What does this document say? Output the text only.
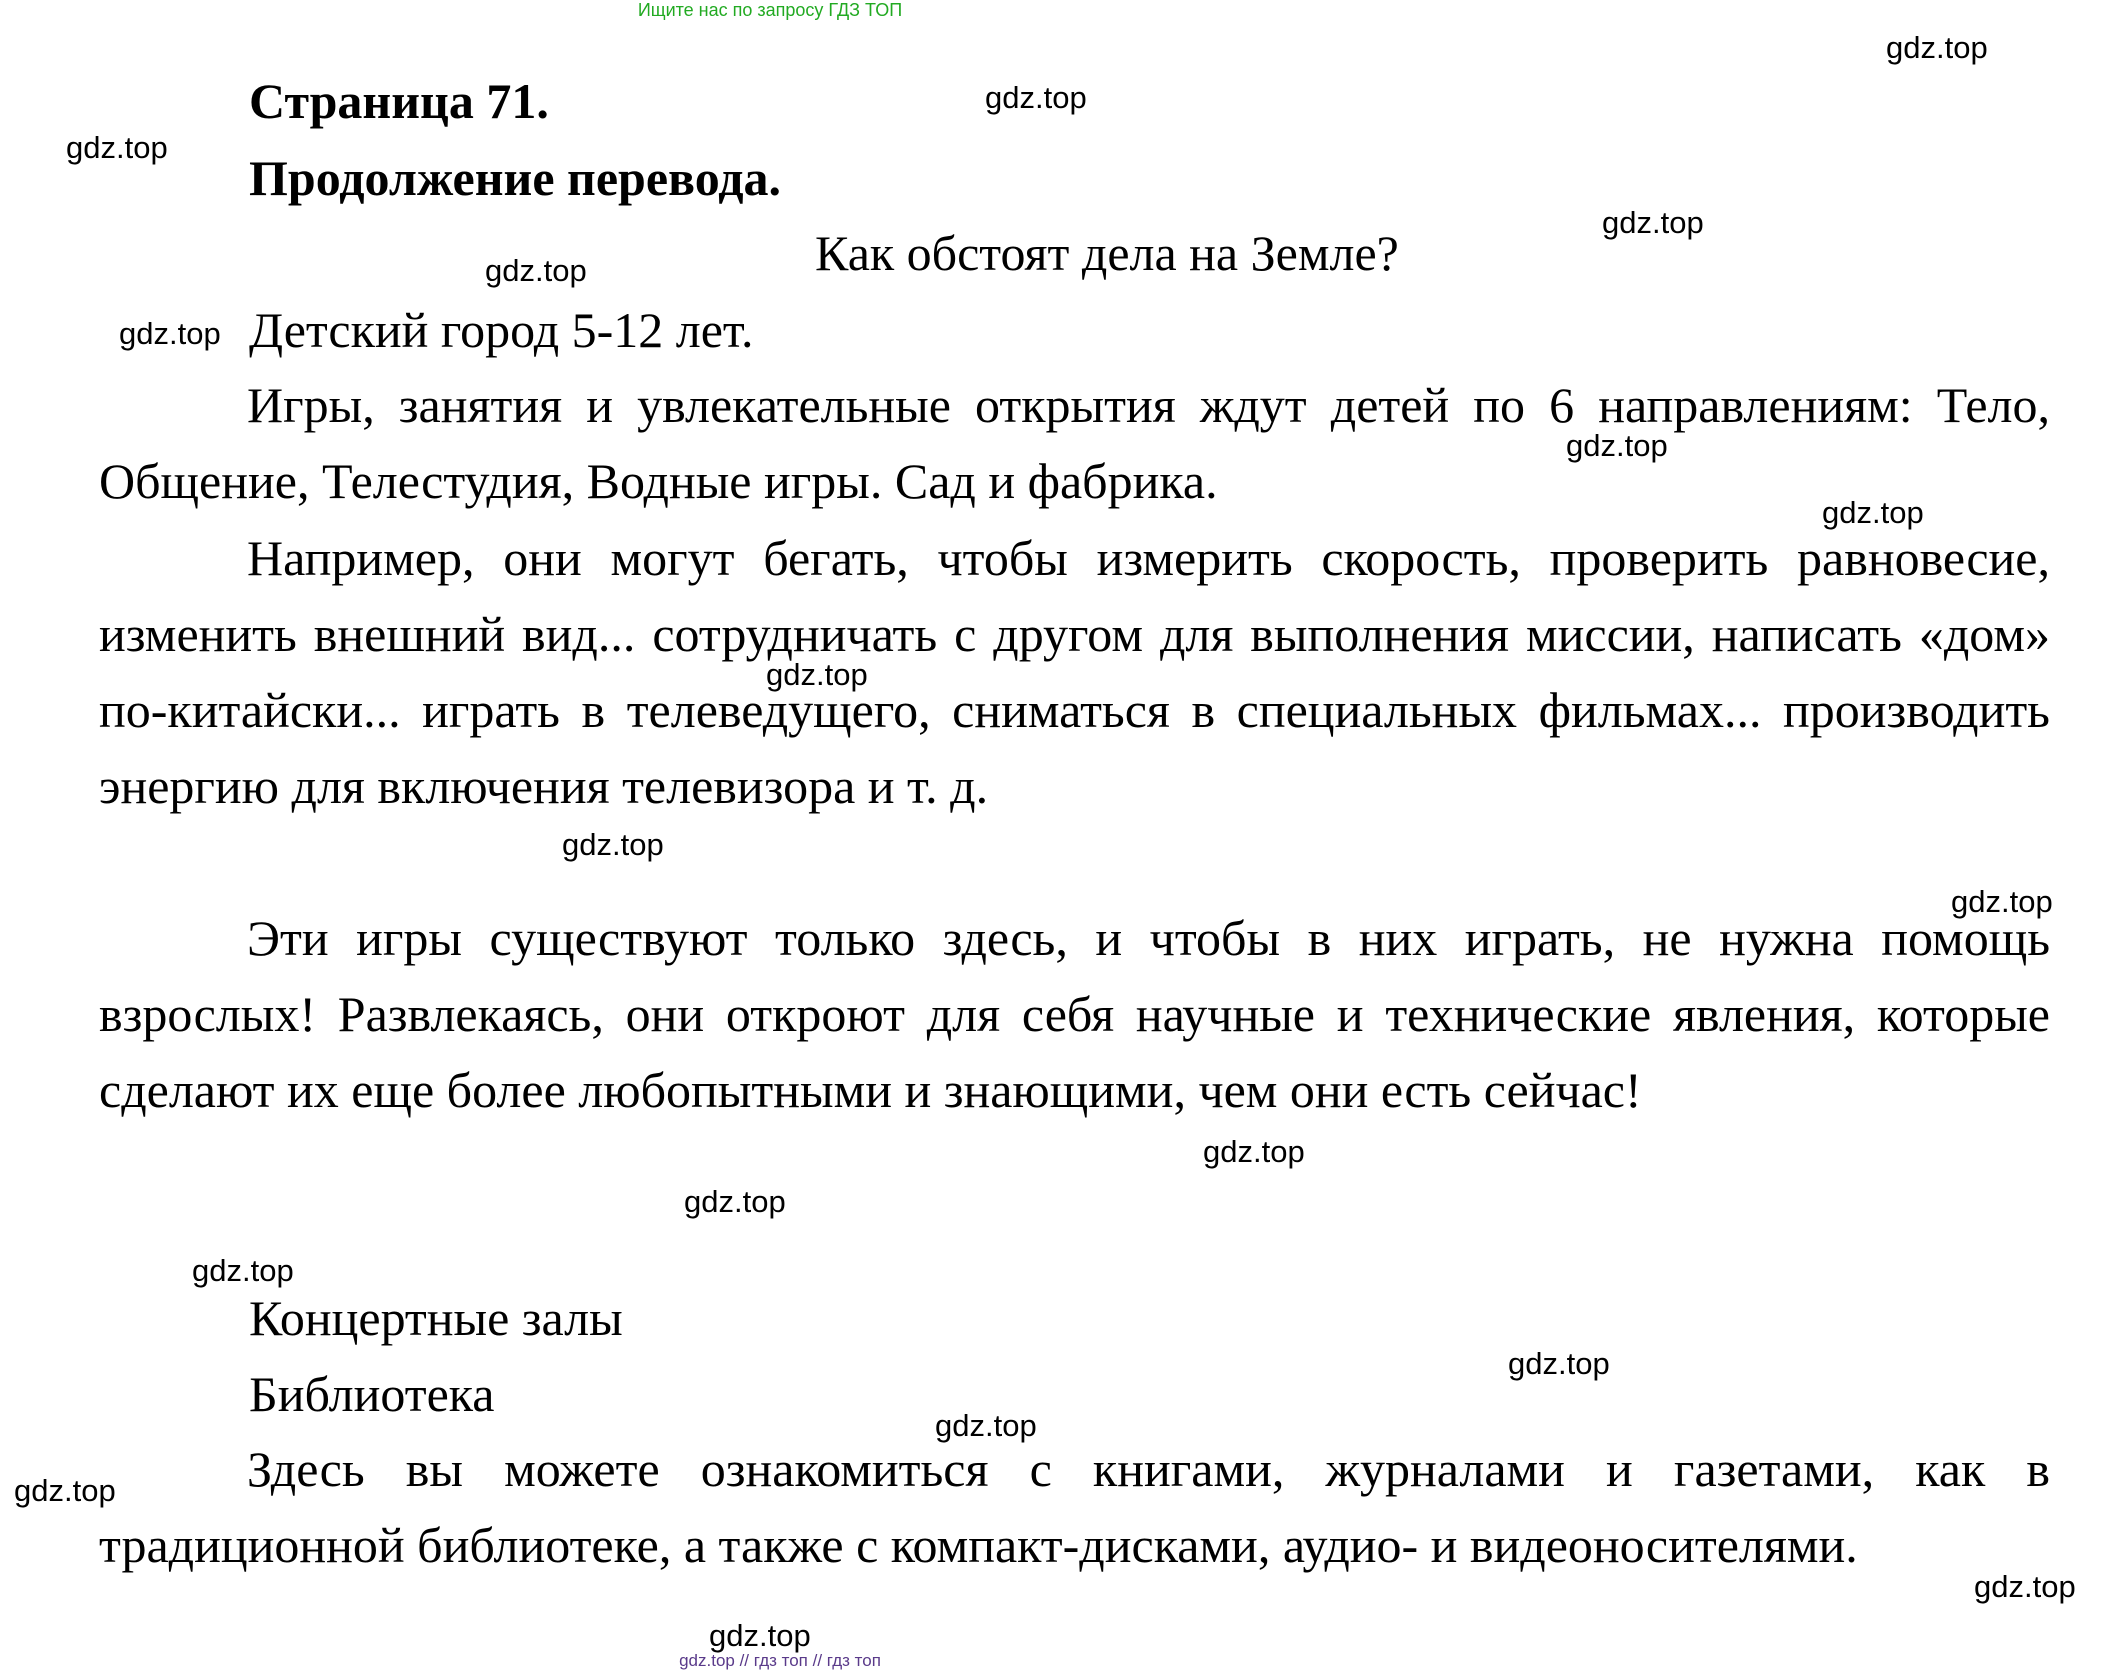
Ищите нас по запросу ГДЗ ТОП
Страница 71.
Продолжение перевода.
Как обстоят дела на Земле?
Детский город 5-12 лет.
Игры, занятия и увлекательные открытия ждут детей по 6 направлениям: Тело, Общение, Телестудия, Водные игры. Сад и фабрика.
Например, они могут бегать, чтобы измерить скорость, проверить равновесие, изменить внешний вид... сотрудничать с другом для выполнения миссии, написать «дом» по-китайски... играть в телеведущего, сниматься в специальных фильмах... производить энергию для включения телевизора и т. д.
Эти игры существуют только здесь, и чтобы в них играть, не нужна помощь взрослых! Развлекаясь, они откроют для себя научные и технические явления, которые сделают их еще более любопытными и знающими, чем они есть сейчас!
Концертные залы
Библиотека
Здесь вы можете ознакомиться с книгами, журналами и газетами, как в традиционной библиотеке, а также с компакт-дисками, аудио- и видеоносителями.
gdz.top
gdz.top
gdz.top
gdz.top
gdz.top
gdz.top
gdz.top
gdz.top
gdz.top
gdz.top
gdz.top
gdz.top
gdz.top
gdz.top
gdz.top
gdz.top
gdz.top
gdz.top
gdz.top
gdz.top // гдз топ // гдз топ
